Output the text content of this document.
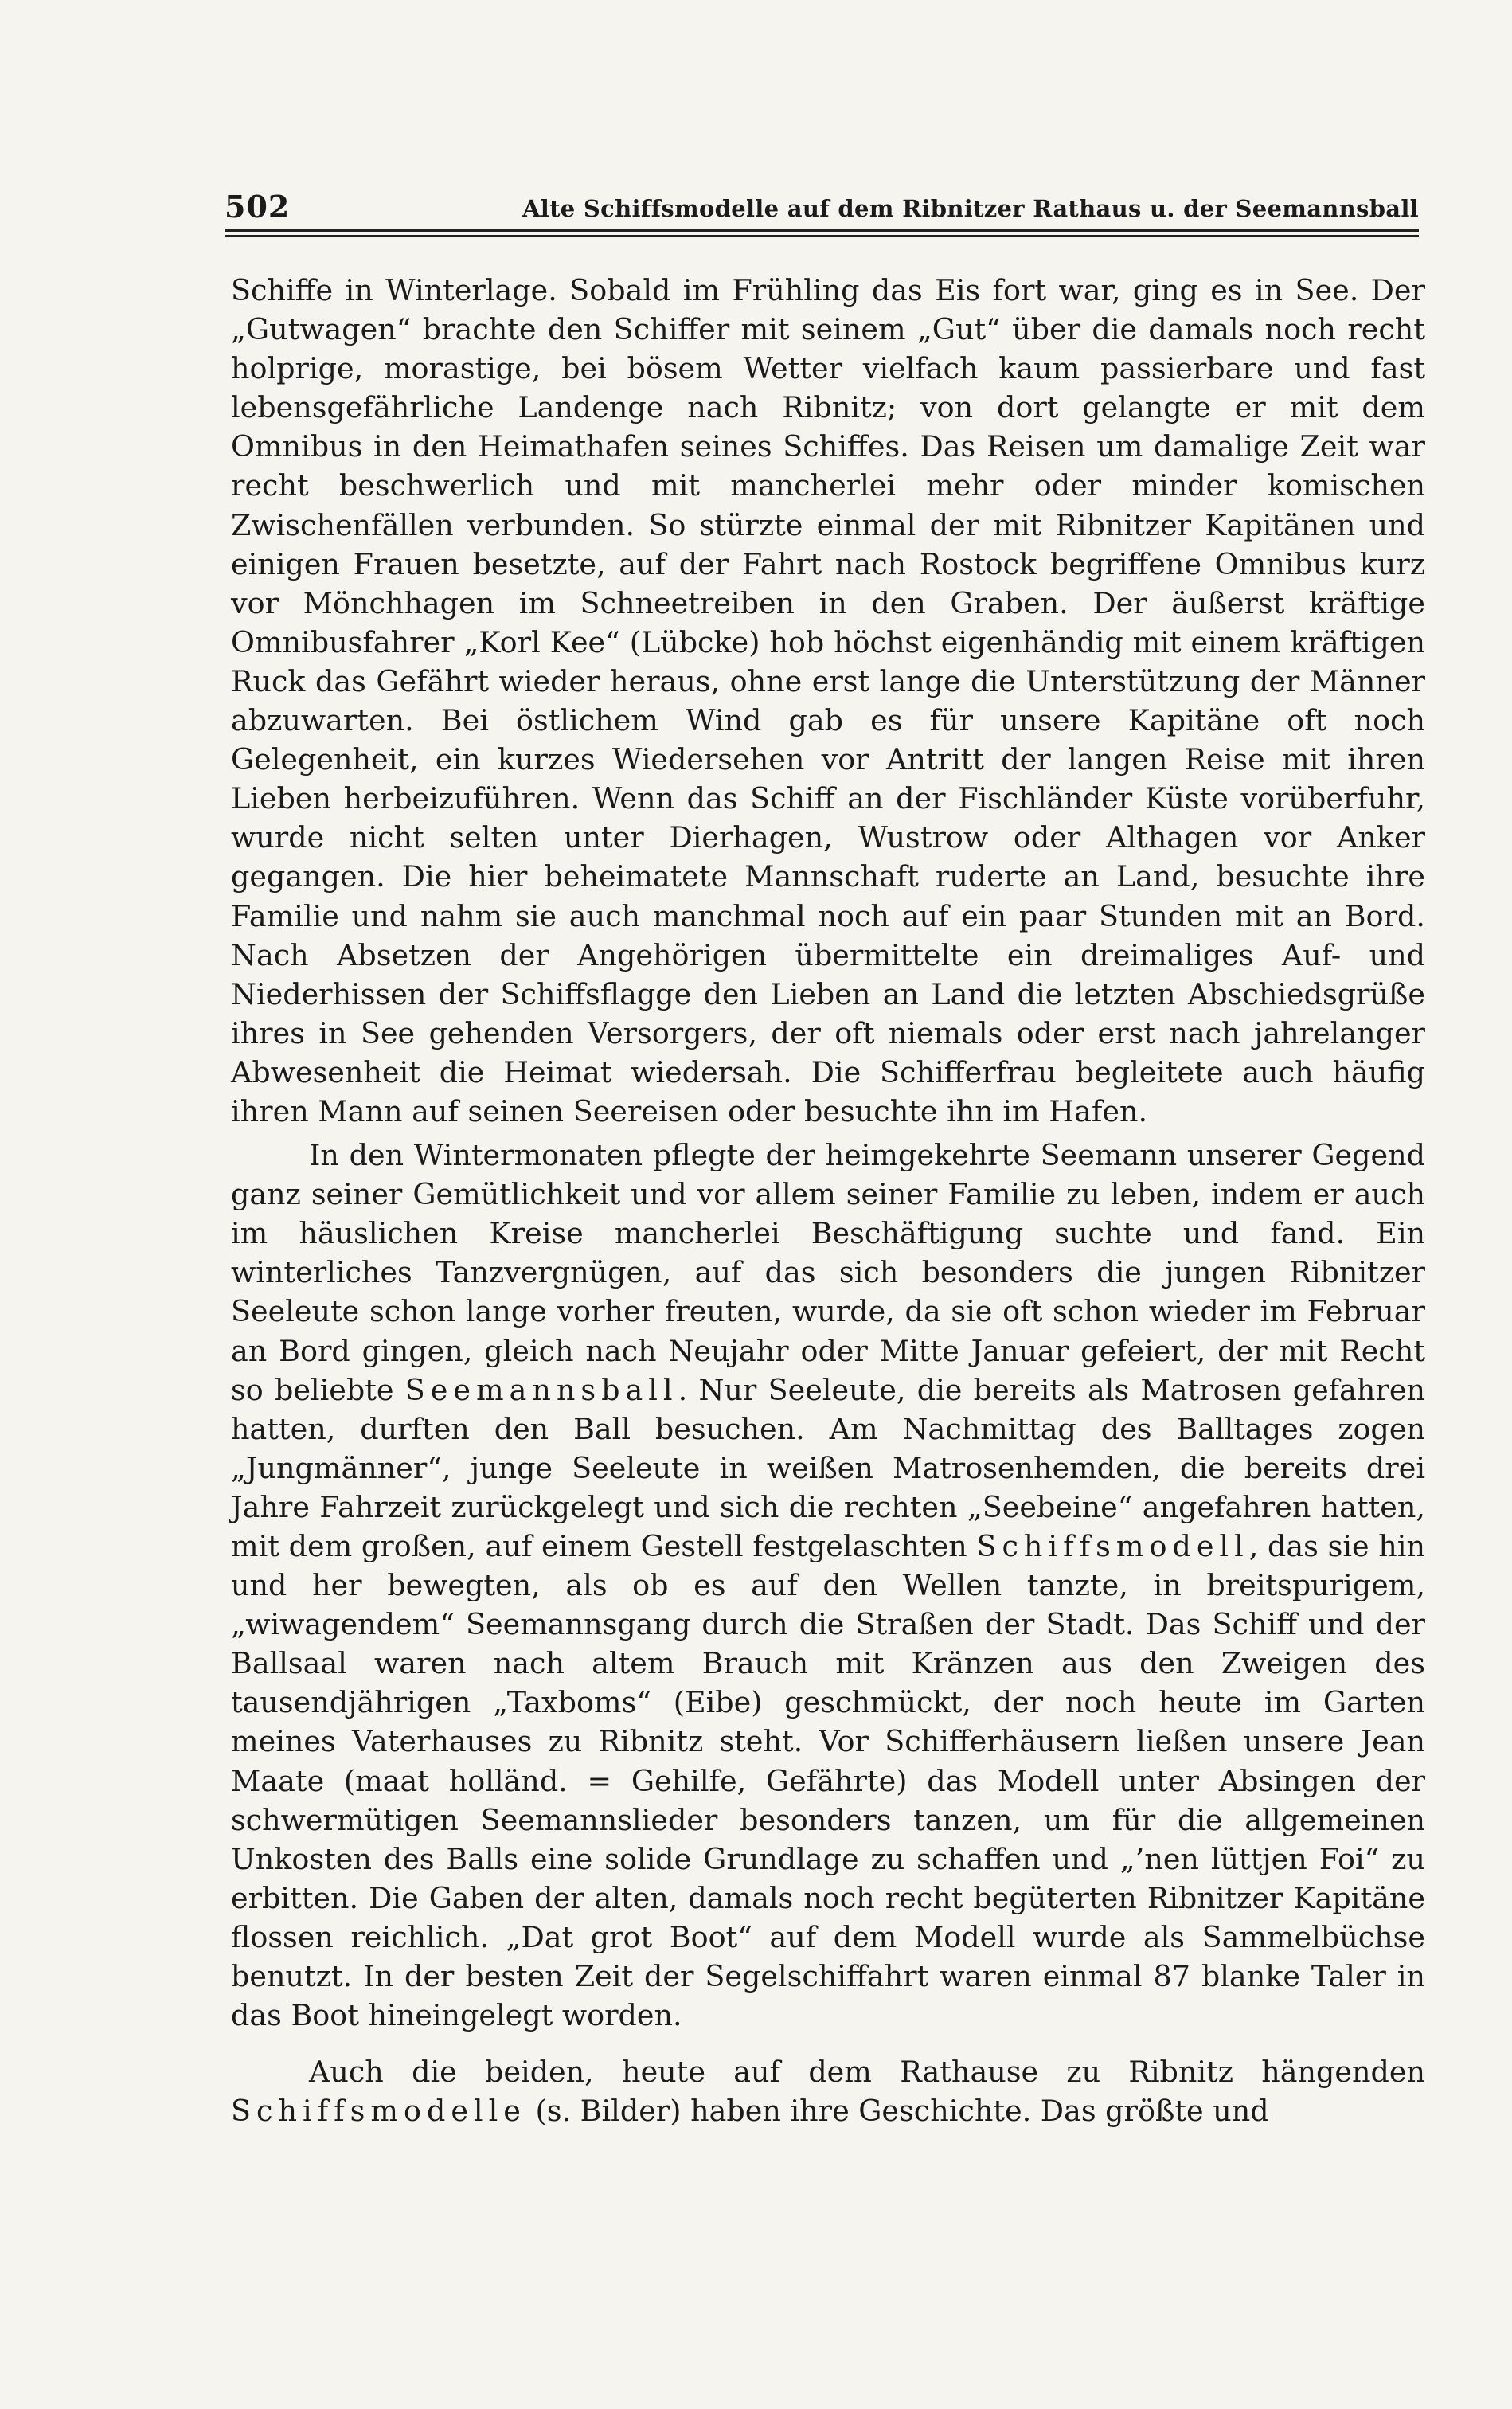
502	Alte Schiffsmodelle auf dem Ribnitzer Rathaus u. der Seemannsball

Schiffe in Winterlage. Sobald im Frühling das Eis fort war, ging es in See. Der „Gutwagen“ brachte den Schiffer mit seinem „Gut“ über die damals noch recht holprige, morastige, bei bösem Wetter vielfach kaum passierbare und fast lebensgefährliche Landenge nach Ribnitz; von dort gelangte er mit dem Omnibus in den Heimathafen seines Schiffes. Das Reisen um damalige Zeit war recht beschwerlich und mit mancherlei mehr oder minder komischen Zwischenfällen verbunden. So stürzte einmal der mit Ribnitzer Kapitänen und einigen Frauen besetzte, auf der Fahrt nach Rostock begriffene Omnibus kurz vor Mönchhagen im Schneetreiben in den Graben. Der äußerst kräftige Omnibusfahrer „Korl Kee“ (Lübcke) hob höchst eigenhändig mit einem kräftigen Ruck das Gefährt wieder heraus, ohne erst lange die Unterstützung der Männer abzuwarten. Bei östlichem Wind gab es für unsere Kapitäne oft noch Gelegenheit, ein kurzes Wiedersehen vor Antritt der langen Reise mit ihren Lieben herbeizuführen. Wenn das Schiff an der Fischländer Küste vorüberfuhr, wurde nicht selten unter Dierhagen, Wustrow oder Althagen vor Anker gegangen. Die hier beheimatete Mannschaft ruderte an Land, besuchte ihre Familie und nahm sie auch manchmal noch auf ein paar Stunden mit an Bord. Nach Absetzen der Angehörigen übermittelte ein dreimaliges Auf- und Niederhissen der Schiffsflagge den Lieben an Land die letzten Abschiedsgrüße ihres in See gehenden Versorgers, der oft niemals oder erst nach jahrelanger Abwesenheit die Heimat wiedersah. Die Schifferfrau begleitete auch häufig ihren Mann auf seinen Seereisen oder besuchte ihn im Hafen.

In den Wintermonaten pflegte der heimgekehrte Seemann unserer Gegend ganz seiner Gemütlichkeit und vor allem seiner Familie zu leben, indem er auch im häuslichen Kreise mancherlei Beschäftigung suchte und fand. Ein winterliches Tanzvergnügen, auf das sich besonders die jungen Ribnitzer Seeleute schon lange vorher freuten, wurde, da sie oft schon wieder im Februar an Bord gingen, gleich nach Neujahr oder Mitte Januar gefeiert, der mit Recht so beliebte Seemannsball. Nur Seeleute, die bereits als Matrosen gefahren hatten, durften den Ball besuchen. Am Nachmittag des Balltages zogen „Jungmänner“, junge Seeleute in weißen Matrosenhemden, die bereits drei Jahre Fahrzeit zurückgelegt und sich die rechten „Seebeine“ angefahren hatten, mit dem großen, auf einem Gestell festgelaschten Schiffsmodell, das sie hin und her bewegten, als ob es auf den Wellen tanzte, in breitspurigem, „wiwagendem“ Seemannsgang durch die Straßen der Stadt. Das Schiff und der Ballsaal waren nach altem Brauch mit Kränzen aus den Zweigen des tausendjährigen „Taxboms“ (Eibe) geschmückt, der noch heute im Garten meines Vaterhauses zu Ribnitz steht. Vor Schifferhäusern ließen unsere Jean Maate (maat holländ. = Gehilfe, Gefährte) das Modell unter Absingen der schwermütigen Seemannslieder besonders tanzen, um für die allgemeinen Unkosten des Balls eine solide Grundlage zu schaffen und „’nen lüttjen Foi“ zu erbitten. Die Gaben der alten, damals noch recht begüterten Ribnitzer Kapitäne flossen reichlich. „Dat grot Boot“ auf dem Modell wurde als Sammelbüchse benutzt. In der besten Zeit der Segelschiffahrt waren einmal 87 blanke Taler in das Boot hineingelegt worden.

Auch die beiden, heute auf dem Rathause zu Ribnitz hängenden Schiffsmodelle (s. Bilder) haben ihre Geschichte. Das größte und
